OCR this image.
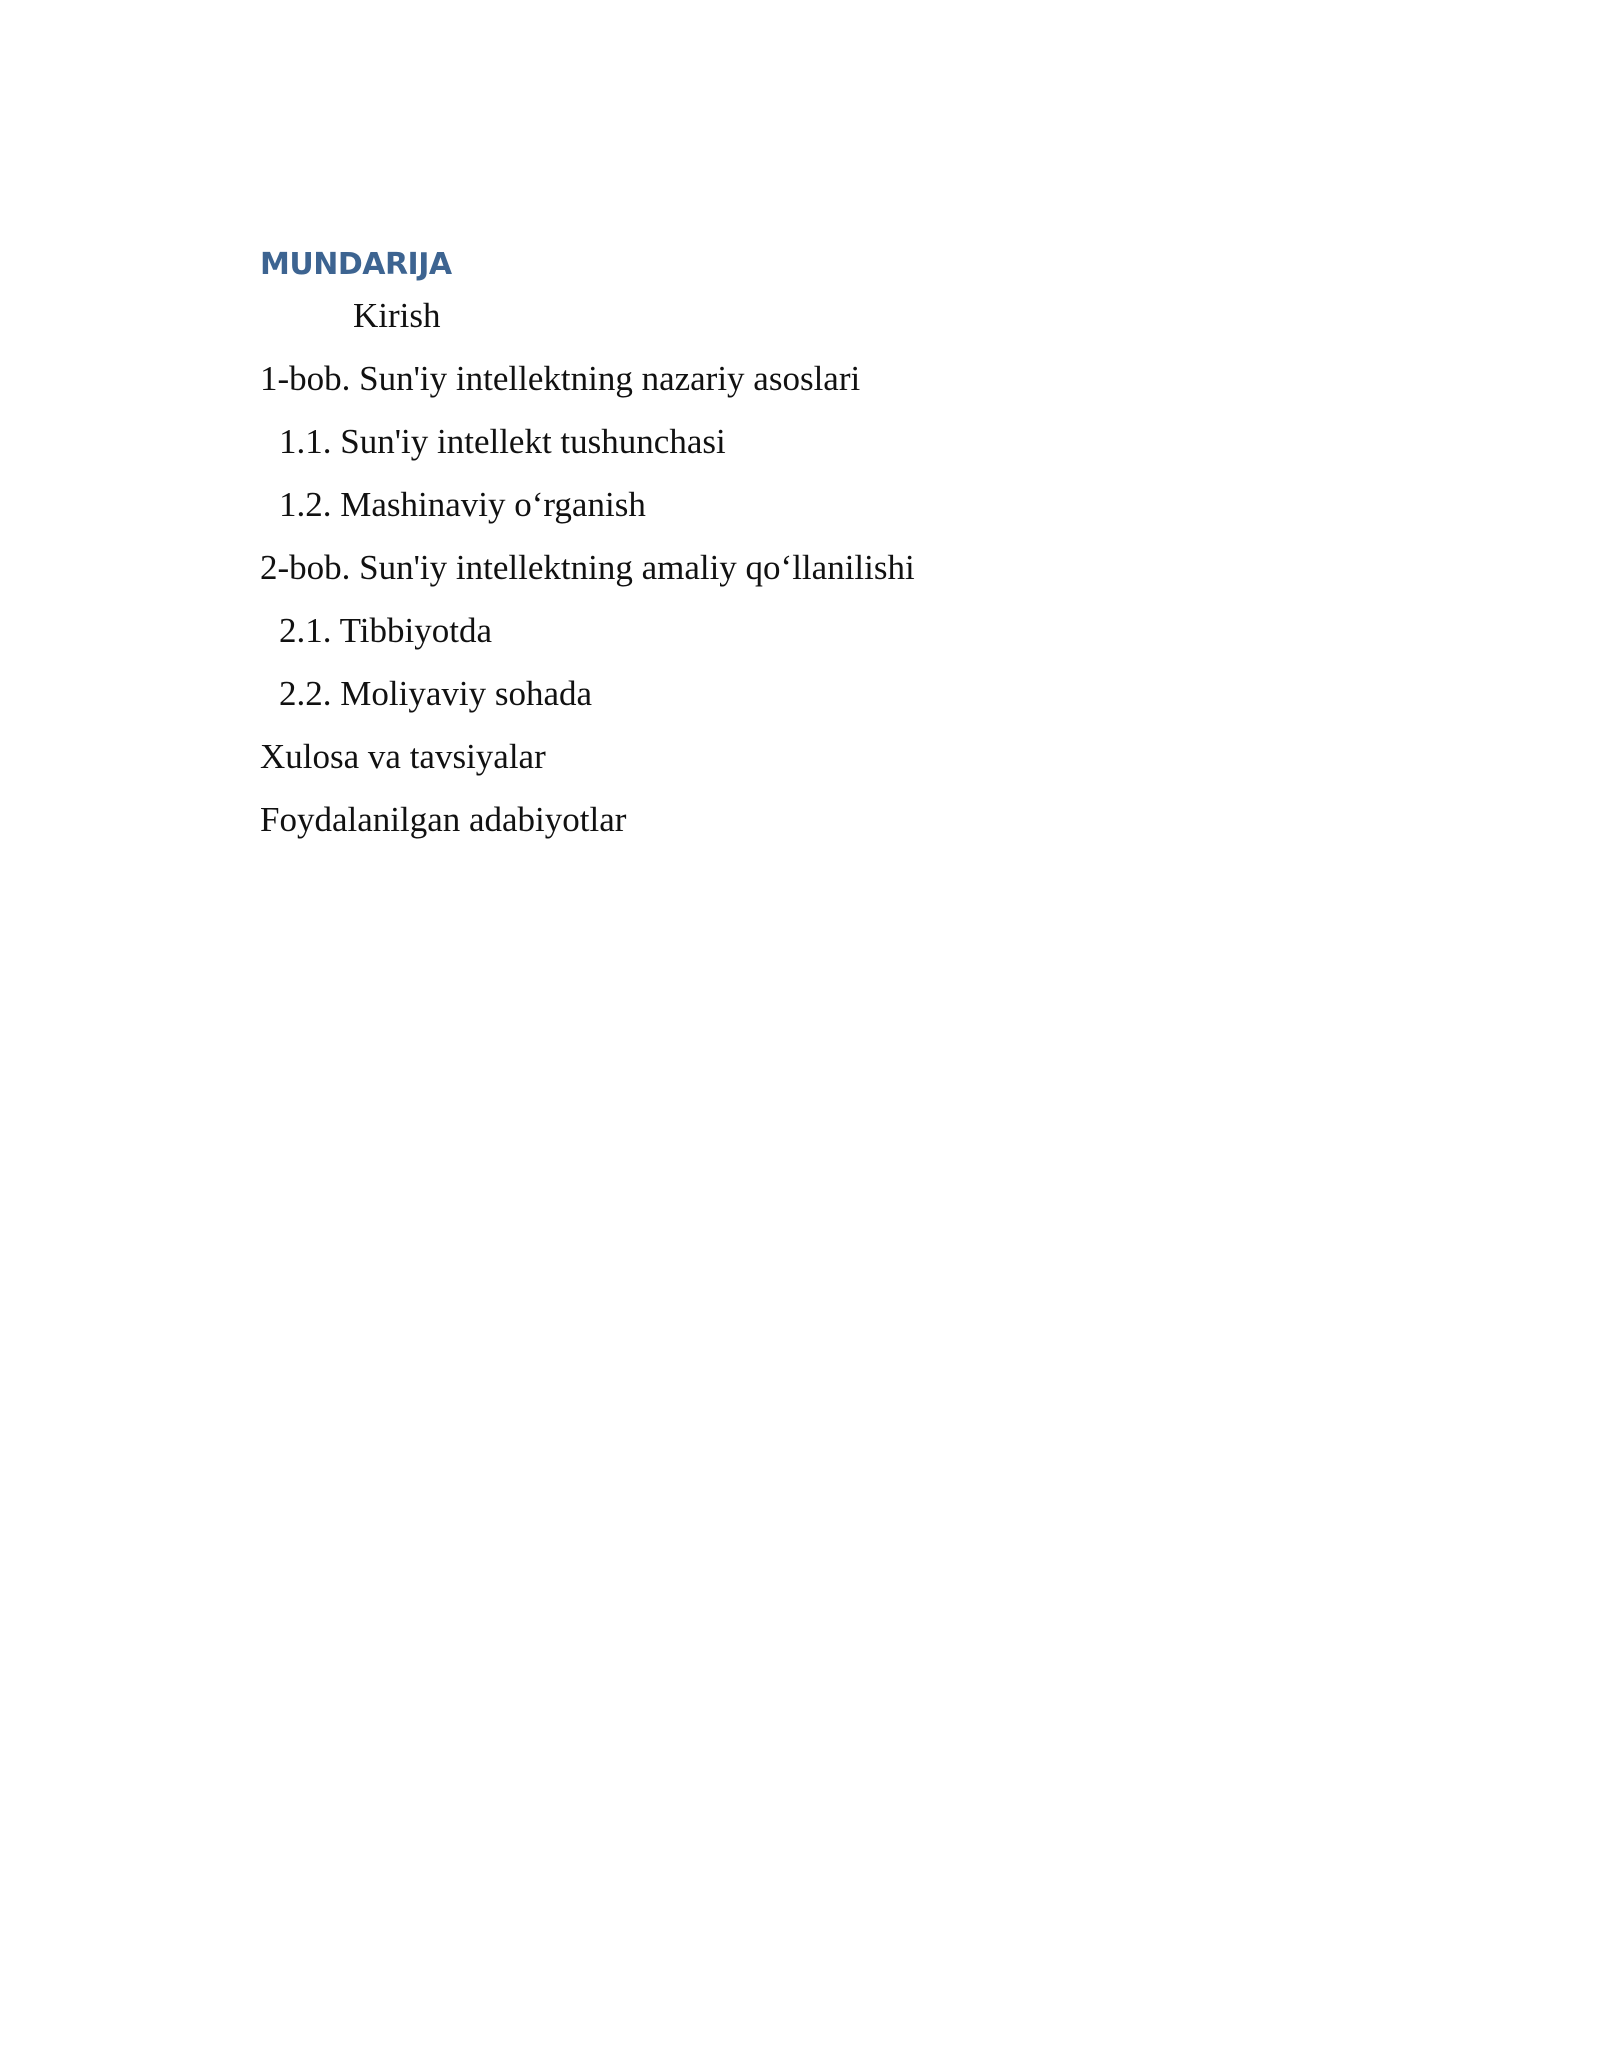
MUNDARIJA
Kirish
1-bob. Sun'iy intellektning nazariy asoslari
1.1. Sun'iy intellekt tushunchasi
1.2. Mashinaviy o‘rganish
2-bob. Sun'iy intellektning amaliy qo‘llanilishi
2.1. Tibbiyotda
2.2. Moliyaviy sohada
Xulosa va tavsiyalar
Foydalanilgan adabiyotlar
